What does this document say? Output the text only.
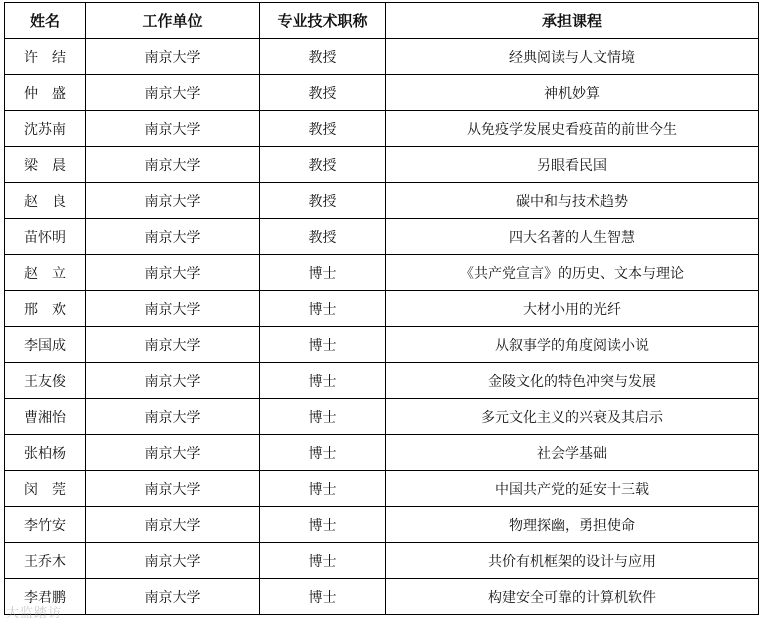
姓名	工作单位	专业技术职称	承担课程
许　结	南京大学	教授	经典阅读与人文情境
仲　盛	南京大学	教授	神机妙算
沈苏南	南京大学	教授	从免疫学发展史看疫苗的前世今生
梁　晨	南京大学	教授	另眼看民国
赵　良	南京大学	教授	碳中和与技术趋势
苗怀明	南京大学	教授	四大名著的人生智慧
赵　立	南京大学	博士	《共产党宣言》的历史、文本与理论
邢　欢	南京大学	博士	大材小用的光纤
李国成	南京大学	博士	从叙事学的角度阅读小说
王友俊	南京大学	博士	金陵文化的特色冲突与发展
曹湘怡	南京大学	博士	多元文化主义的兴衰及其启示
张柏杨	南京大学	博士	社会学基础
闵　莞	南京大学	博士	中国共产党的延安十三载
李竹安	南京大学	博士	物理探幽，勇担使命
王乔木	南京大学	博士	共价有机框架的设计与应用
李君鹏	南京大学	博士	构建安全可靠的计算机软件
大监踏访
